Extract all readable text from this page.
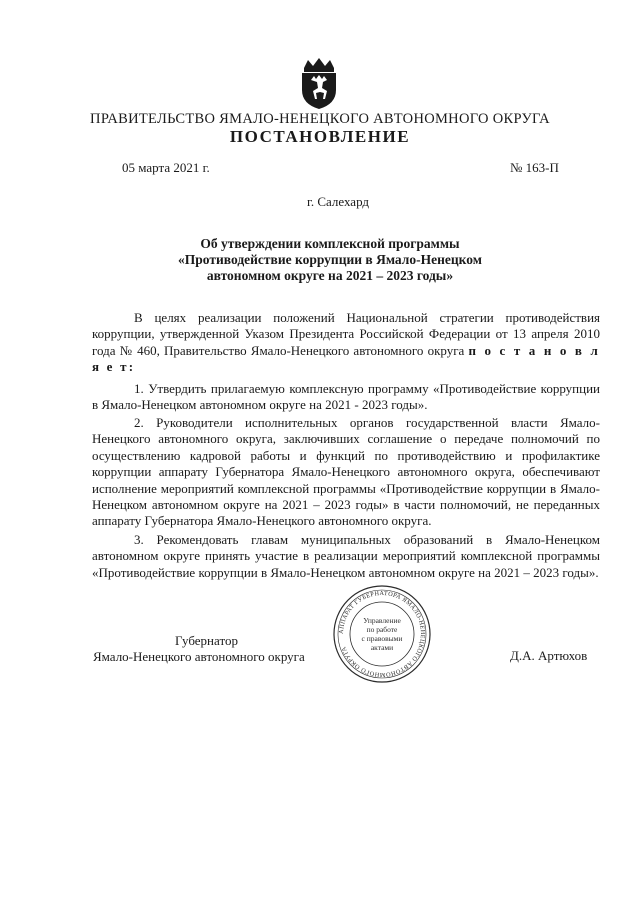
ПРАВИТЕЛЬСТВО ЯМАЛО-НЕНЕЦКОГО АВТОНОМНОГО ОКРУГА
ПОСТАНОВЛЕНИЕ
05 марта 2021 г.	№ 163-П
г. Салехард
Об утверждении комплексной программы
«Противодействие коррупции в Ямало-Ненецком
автономном округе на 2021 – 2023 годы»
В целях реализации положений Национальной стратегии противодействия коррупции, утвержденной Указом Президента Российской Федерации от 13 апреля 2010 года № 460, Правительство Ямало-Ненецкого автономного округа п о с т а н о в л я е т:
1. Утвердить прилагаемую комплексную программу «Противодействие коррупции в Ямало-Ненецком автономном округе на 2021 - 2023 годы».
2. Руководители исполнительных органов государственной власти Ямало-Ненецкого автономного округа, заключивших соглашение о передаче полномочий по осуществлению кадровой работы и функций по противодействию и профилактике коррупции аппарату Губернатора Ямало-Ненецкого автономного округа, обеспечивают исполнение мероприятий комплексной программы «Противодействие коррупции в Ямало-Ненецком автономном округе на 2021 – 2023 годы» в части полномочий, не переданных аппарату Губернатора Ямало-Ненецкого автономного округа.
3. Рекомендовать главам муниципальных образований в Ямало-Ненецком автономном округе принять участие в реализации мероприятий комплексной программы «Противодействие коррупции в Ямало-Ненецком автономном округе на 2021 – 2023 годы».
Губернатор
Ямало-Ненецкого автономного округа	Д.А. Артюхов
АППАРАТ ГУБЕРНАТОРА ЯМАЛО-НЕНЕЦКОГО АВТОНОМНОГО ОКРУГА
Управление
по работе
с правовыми
актами
